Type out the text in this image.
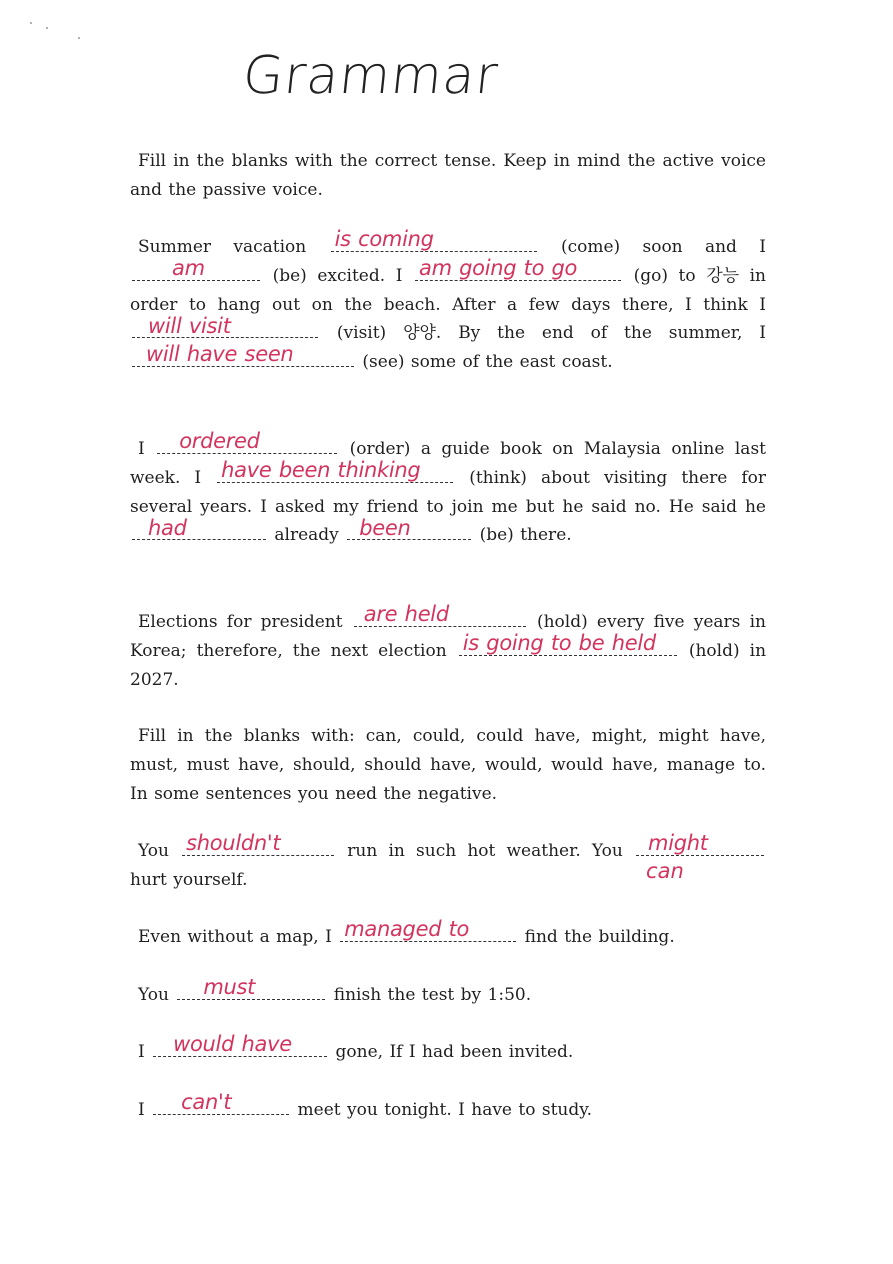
Grammar
Fill in the blanks with the correct tense. Keep in mind the active voice and the passive voice.
Summer vacation is coming	(come) soon and I
am	(be) excited. I am going to go	(go) to 강능 in order to hang out on the beach. After a few days there, I think I
will visit	(visit) 양양. By the end of the summer, I
will have seen	(see) some of the east coast.
I ordered	(order) a guide book on Malaysia online last week. I have been thinking	(think) about visiting there for several years. I asked my friend to join me but he said no. He said he
had	already been	(be) there.
Elections for president are held	(hold) every five years in Korea; therefore, the next election is going to be held (hold) in 2027.
Fill in the blanks with: can, could, could have, might, might have, must, must have, should, should have, would, would have, manage to. In some sentences you need the negative.
You shouldn't	run in such hot weather. You might
can
hurt yourself.
Even without a map, I managed to	find the building.
You must	finish the test by 1:50.
I would have	gone, If I had been invited.
I can't	meet you tonight. I have to study.
